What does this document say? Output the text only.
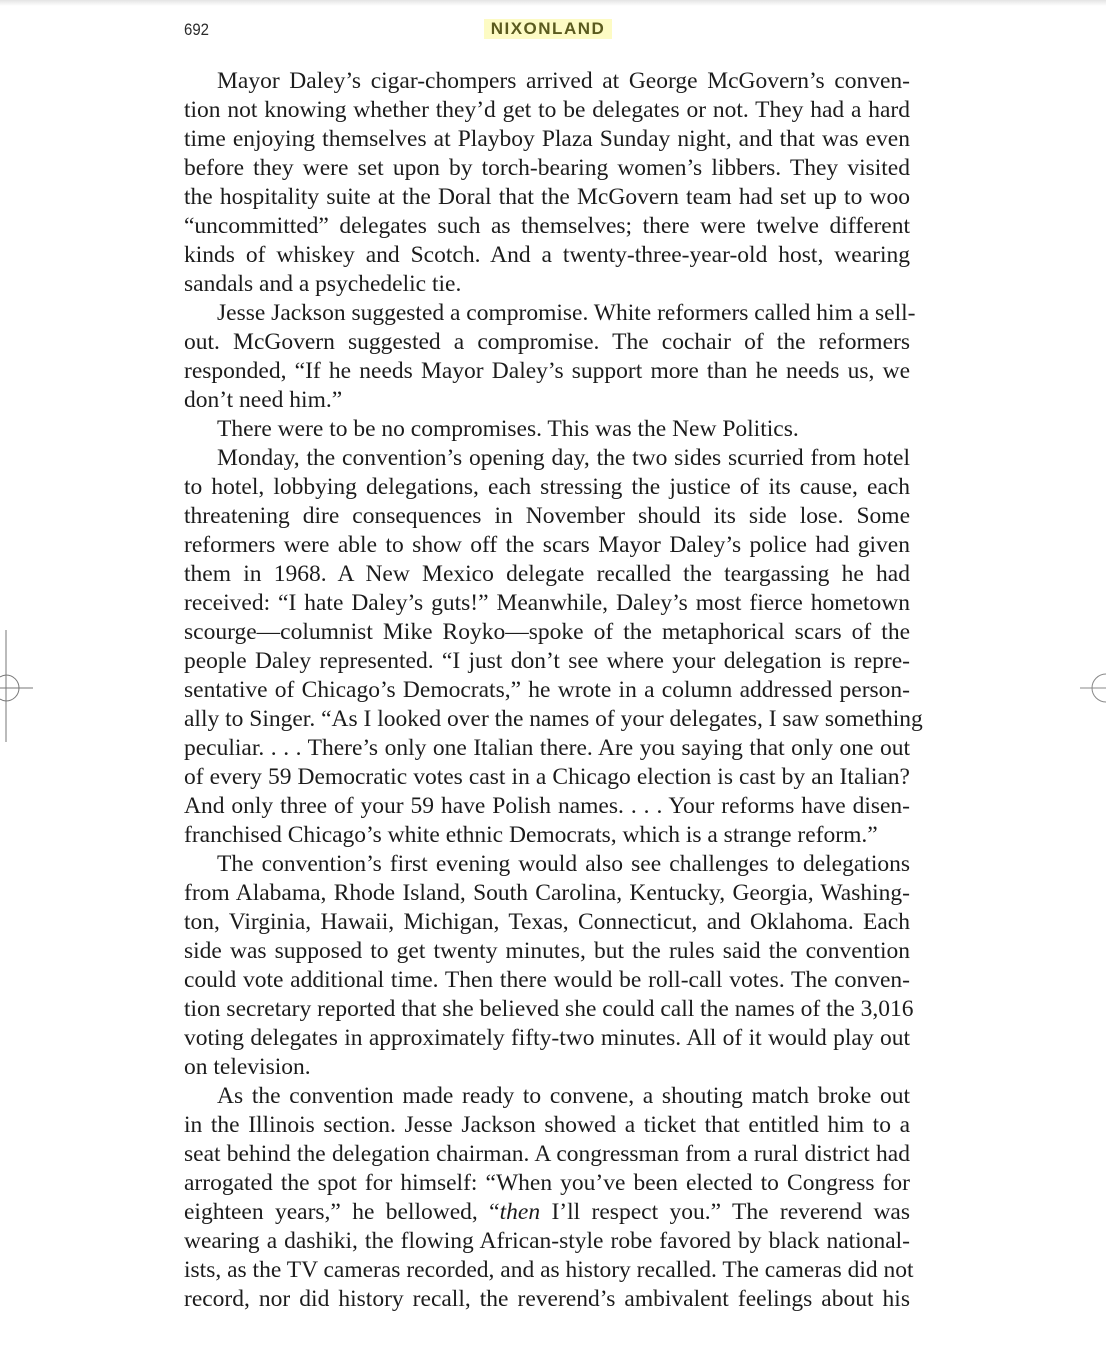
692	NIXONLAND
Mayor Daley’s cigar-chompers arrived at George McGovern’s conven-
tion not knowing whether they’d get to be delegates or not. They had a hard
time enjoying themselves at Playboy Plaza Sunday night, and that was even
before they were set upon by torch-bearing women’s libbers. They visited
the hospitality suite at the Doral that the McGovern team had set up to woo
“uncommitted” delegates such as themselves; there were twelve different
kinds of whiskey and Scotch. And a twenty-three-year-old host, wearing
sandals and a psychedelic tie.
Jesse Jackson suggested a compromise. White reformers called him a sell-
out. McGovern suggested a compromise. The cochair of the reformers
responded, “If he needs Mayor Daley’s support more than he needs us, we
don’t need him.”
There were to be no compromises. This was the New Politics.
Monday, the convention’s opening day, the two sides scurried from hotel
to hotel, lobbying delegations, each stressing the justice of its cause, each
threatening dire consequences in November should its side lose. Some
reformers were able to show off the scars Mayor Daley’s police had given
them in 1968. A New Mexico delegate recalled the teargassing he had
received: “I hate Daley’s guts!” Meanwhile, Daley’s most fierce hometown
scourge—columnist Mike Royko—spoke of the metaphorical scars of the
people Daley represented. “I just don’t see where your delegation is repre-
sentative of Chicago’s Democrats,” he wrote in a column addressed person-
ally to Singer. “As I looked over the names of your delegates, I saw something
peculiar. . . . There’s only one Italian there. Are you saying that only one out
of every 59 Democratic votes cast in a Chicago election is cast by an Italian?
And only three of your 59 have Polish names. . . . Your reforms have disen-
franchised Chicago’s white ethnic Democrats, which is a strange reform.”
The convention’s first evening would also see challenges to delegations
from Alabama, Rhode Island, South Carolina, Kentucky, Georgia, Washing-
ton, Virginia, Hawaii, Michigan, Texas, Connecticut, and Oklahoma. Each
side was supposed to get twenty minutes, but the rules said the convention
could vote additional time. Then there would be roll-call votes. The conven-
tion secretary reported that she believed she could call the names of the 3,016
voting delegates in approximately fifty-two minutes. All of it would play out
on television.
As the convention made ready to convene, a shouting match broke out
in the Illinois section. Jesse Jackson showed a ticket that entitled him to a
seat behind the delegation chairman. A congressman from a rural district had
arrogated the spot for himself: “When you’ve been elected to Congress for
eighteen years,” he bellowed, “then I’ll respect you.” The reverend was
wearing a dashiki, the flowing African-style robe favored by black national-
ists, as the TV cameras recorded, and as history recalled. The cameras did not
record, nor did history recall, the reverend’s ambivalent feelings about his
